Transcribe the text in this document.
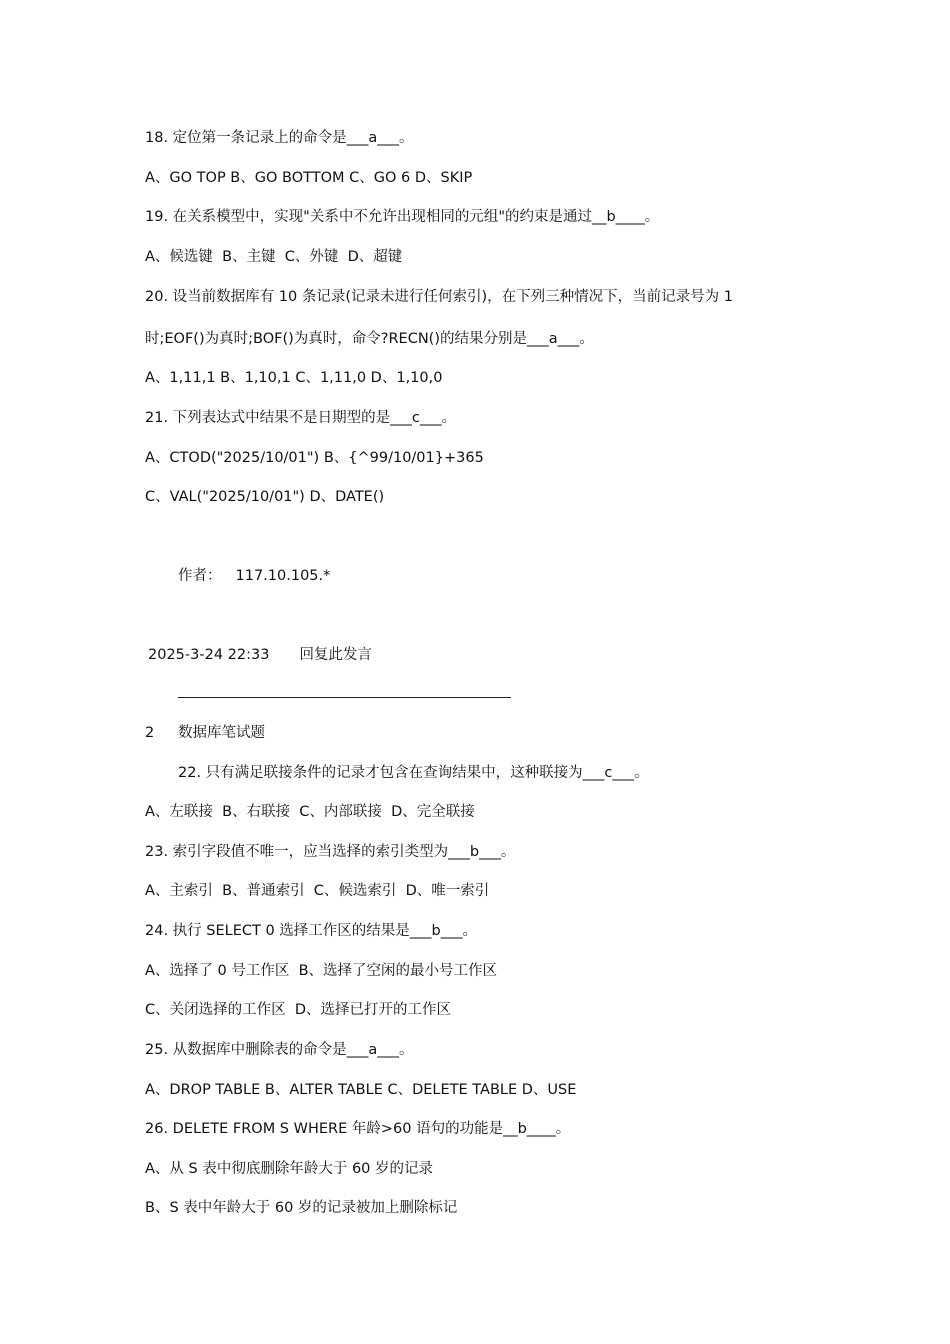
18. 定位第一条记录上的命令是___a___。
A、GO TOP B、GO BOTTOM C、GO 6 D、SKIP
19. 在关系模型中，实现"关系中不允许出现相同的元组"的约束是通过__b____。
A、候选键  B、主键  C、外键  D、超键
20. 设当前数据库有 10 条记录(记录未进行任何索引)，在下列三种情况下，当前记录号为 1
时;EOF()为真时;BOF()为真时，命令?RECN()的结果分别是___a___。
A、1,11,1 B、1,10,1 C、1,11,0 D、1,10,0
21. 下列表达式中结果不是日期型的是___c___。
A、CTOD("2025/10/01") B、{^99/10/01}+365
C、VAL("2025/10/01") D、DATE()
作者： 117.10.105.*
2025-3-24 22:33 回复此发言
2 数据库笔试题
22. 只有满足联接条件的记录才包含在查询结果中，这种联接为___c___。
A、左联接  B、右联接  C、内部联接  D、完全联接
23. 索引字段值不唯一，应当选择的索引类型为___b___。
A、主索引  B、普通索引  C、候选索引  D、唯一索引
24. 执行 SELECT 0 选择工作区的结果是___b___。
A、选择了 0 号工作区  B、选择了空闲的最小号工作区
C、关闭选择的工作区  D、选择已打开的工作区
25. 从数据库中删除表的命令是___a___。
A、DROP TABLE B、ALTER TABLE C、DELETE TABLE D、USE
26. DELETE FROM S WHERE 年龄>60 语句的功能是__b____。
A、从 S 表中彻底删除年龄大于 60 岁的记录
B、S 表中年龄大于 60 岁的记录被加上删除标记
